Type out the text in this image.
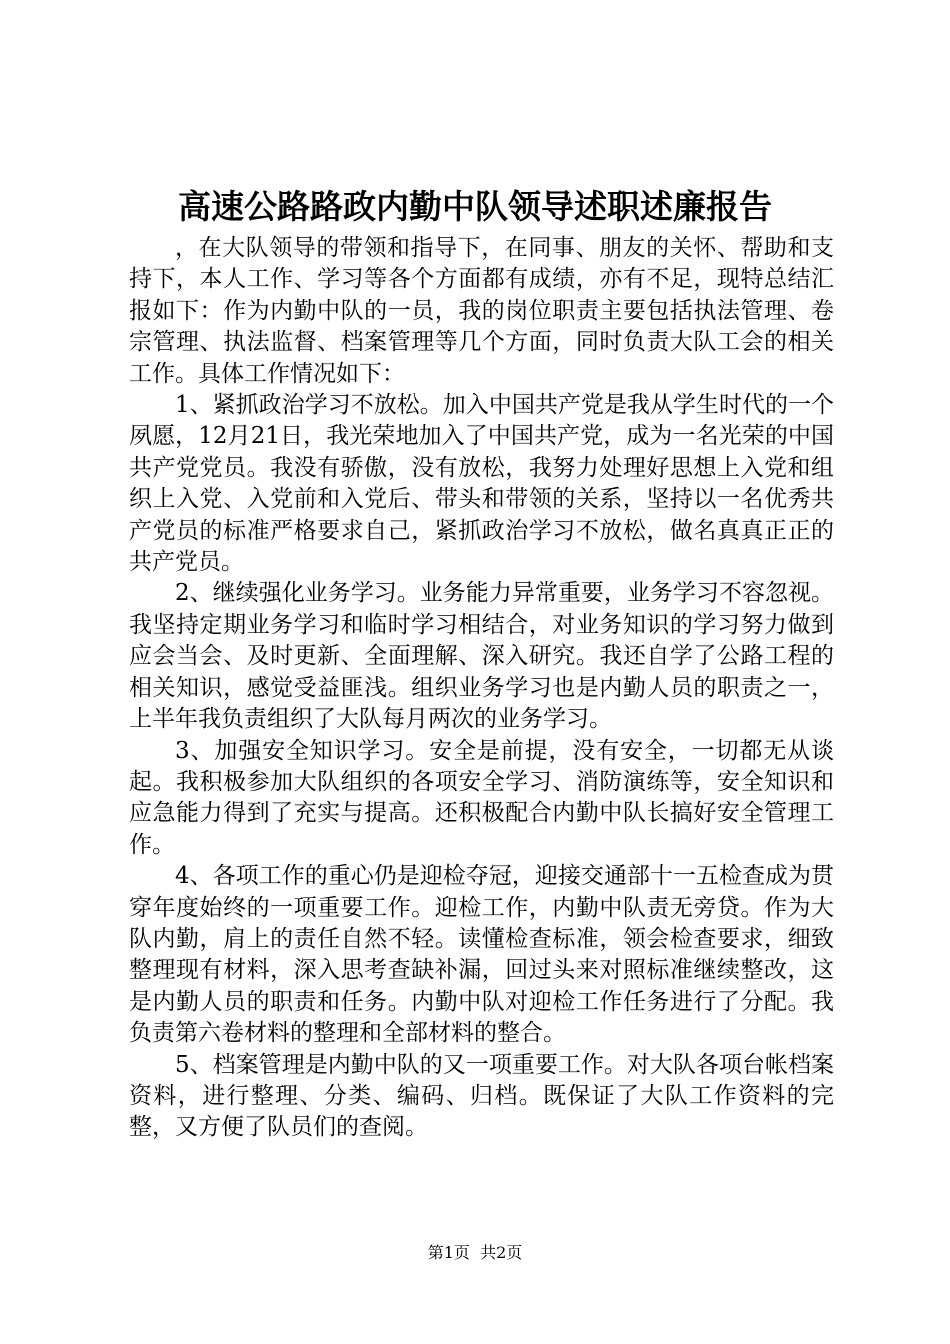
高速公路路政内勤中队领导述职述廉报告

，在大队领导的带领和指导下，在同事、朋友的关怀、帮助和支持下，本人工作、学习等各个方面都有成绩，亦有不足，现特总结汇报如下：作为内勤中队的一员，我的岗位职责主要包括执法管理、卷宗管理、执法监督、档案管理等几个方面，同时负责大队工会的相关工作。具体工作情况如下：

1、紧抓政治学习不放松。加入中国共产党是我从学生时代的一个夙愿，12月21日，我光荣地加入了中国共产党，成为一名光荣的中国共产党党员。我没有骄傲，没有放松，我努力处理好思想上入党和组织上入党、入党前和入党后、带头和带领的关系，坚持以一名优秀共产党员的标准严格要求自己，紧抓政治学习不放松，做名真真正正的共产党员。

2、继续强化业务学习。业务能力异常重要，业务学习不容忽视。我坚持定期业务学习和临时学习相结合，对业务知识的学习努力做到应会当会、及时更新、全面理解、深入研究。我还自学了公路工程的相关知识，感觉受益匪浅。组织业务学习也是内勤人员的职责之一，上半年我负责组织了大队每月两次的业务学习。

3、加强安全知识学习。安全是前提，没有安全，一切都无从谈起。我积极参加大队组织的各项安全学习、消防演练等，安全知识和应急能力得到了充实与提高。还积极配合内勤中队长搞好安全管理工作。

4、各项工作的重心仍是迎检夺冠，迎接交通部十一五检查成为贯穿年度始终的一项重要工作。迎检工作，内勤中队责无旁贷。作为大队内勤，肩上的责任自然不轻。读懂检查标准，领会检查要求，细致整理现有材料，深入思考查缺补漏，回过头来对照标准继续整改，这是内勤人员的职责和任务。内勤中队对迎检工作任务进行了分配。我负责第六卷材料的整理和全部材料的整合。

5、档案管理是内勤中队的又一项重要工作。对大队各项台帐档案资料，进行整理、分类、编码、归档。既保证了大队工作资料的完整，又方便了队员们的查阅。

第1页  共2页
